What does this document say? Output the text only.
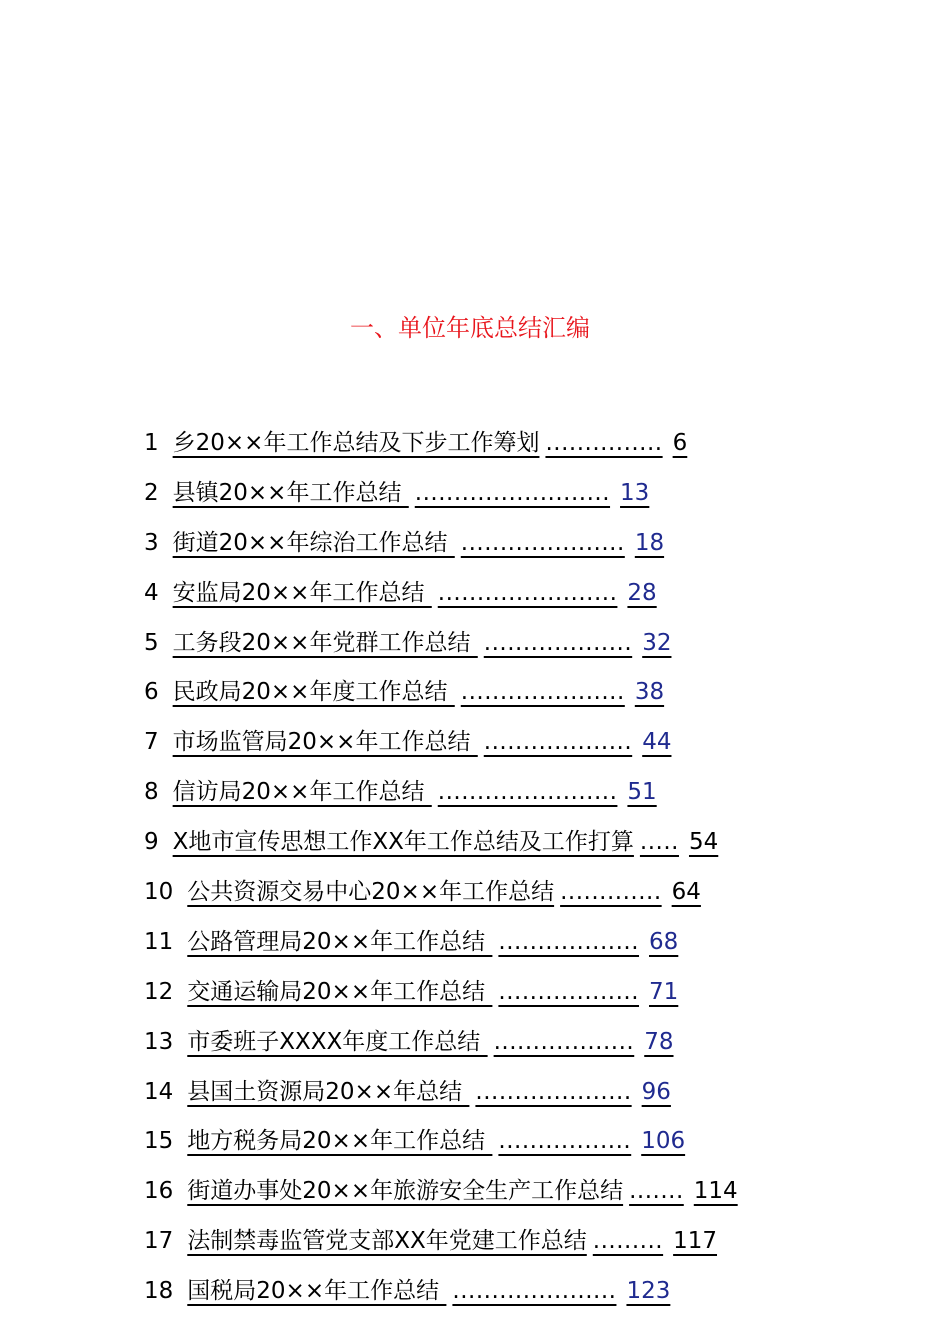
一、单位年底总结汇编
1 乡20××年工作总结及下步工作筹划 ............... 6
2 县镇20××年工作总结 ......................... 13
3 街道20××年综治工作总结 ..................... 18
4 安监局20××年工作总结 ....................... 28
5 工务段20××年党群工作总结 ................... 32
6 民政局20××年度工作总结 ..................... 38
7 市场监管局20××年工作总结 ................... 44
8 信访局20××年工作总结 ....................... 51
9 X地市宣传思想工作XX年工作总结及工作打算 ..... 54
10 公共资源交易中心20××年工作总结 ............. 64
11 公路管理局20××年工作总结 .................. 68
12 交通运输局20××年工作总结 .................. 71
13 市委班子XXXX年度工作总结 .................. 78
14 县国土资源局20××年总结 .................... 96
15 地方税务局20××年工作总结 ................. 106
16 街道办事处20××年旅游安全生产工作总结 ....... 114
17 法制禁毒监管党支部XX年党建工作总结 ......... 117
18 国税局20××年工作总结 ..................... 123
